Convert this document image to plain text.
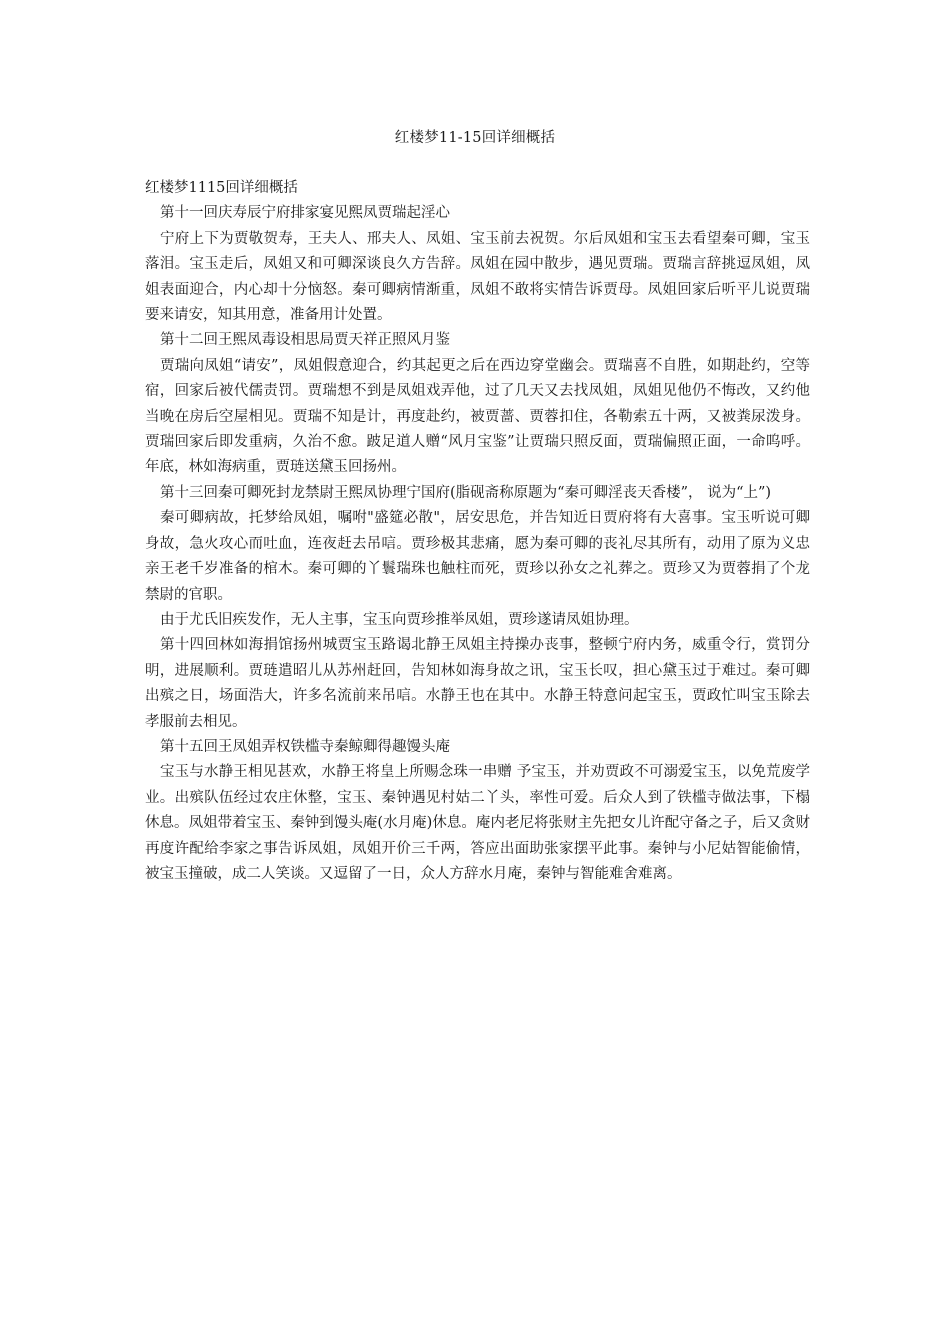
红楼梦11-15回详细概括

红楼梦1115回详细概括

第十一回庆寿辰宁府排家宴见熙凤贾瑞起淫心

宁府上下为贾敬贺寿，王夫人、邢夫人、凤姐、宝玉前去祝贺。尔后凤姐和宝玉去看望秦可卿，宝玉落泪。宝玉走后，凤姐又和可卿深谈良久方告辞。凤姐在园中散步，遇见贾瑞。贾瑞言辞挑逗凤姐，凤姐表面迎合，内心却十分恼怒。秦可卿病情渐重，凤姐不敢将实情告诉贾母。凤姐回家后听平儿说贾瑞要来请安，知其用意，准备用计处置。

第十二回王熙凤毒设相思局贾天祥正照风月鉴

贾瑞向凤姐“请安”，凤姐假意迎合，约其起更之后在西边穿堂幽会。贾瑞喜不自胜，如期赴约，空等 宿，回家后被代儒责罚。贾瑞想不到是凤姐戏弄他，过了几天又去找凤姐，凤姐见他仍不悔改，又约他当晚在房后空屋相见。贾瑞不知是计，再度赴约，被贾蔷、贾蓉扣住，各勒索五十两，又被粪尿泼身。贾瑞回家后即发重病，久治不愈。跛足道人赠“风月宝鉴”让贾瑞只照反面，贾瑞偏照正面，一命呜呼。年底，林如海病重，贾琏送黛玉回扬州。

第十三回秦可卿死封龙禁尉王熙凤协理宁国府(脂砚斋称原题为“秦可卿淫丧天香楼”， 说为“上”)

秦可卿病故，托梦给凤姐，嘱咐"盛筵必散"，居安思危，并告知近日贾府将有大喜事。宝玉听说可卿身故，急火攻心而吐血，连夜赶去吊唁。贾珍极其悲痛，愿为秦可卿的丧礼尽其所有，动用了原为义忠亲王老千岁准备的棺木。秦可卿的丫鬟瑞珠也触柱而死，贾珍以孙女之礼葬之。贾珍又为贾蓉捐了个龙禁尉的官职。

由于尤氏旧疾发作，无人主事，宝玉向贾珍推举凤姐，贾珍遂请凤姐协理。

第十四回林如海捐馆扬州城贾宝玉路谒北静王凤姐主持操办丧事，整顿宁府内务，威重令行，赏罚分明，进展顺利。贾琏遣昭儿从苏州赶回，告知林如海身故之讯，宝玉长叹，担心黛玉过于难过。秦可卿出殡之日，场面浩大，许多名流前来吊唁。水静王也在其中。水静王特意问起宝玉，贾政忙叫宝玉除去孝服前去相见。

第十五回王凤姐弄权铁槛寺秦鲸卿得趣馒头庵

宝玉与水静王相见甚欢，水静王将皇上所赐念珠一串赠 予宝玉，并劝贾政不可溺爱宝玉，以免荒废学业。出殡队伍经过农庄休整，宝玉、秦钟遇见村姑二丫头，率性可爱。后众人到了铁槛寺做法事，下榻休息。凤姐带着宝玉、秦钟到馒头庵(水月庵)休息。庵内老尼将张财主先把女儿许配守备之子，后又贪财再度许配给李家之事告诉凤姐，凤姐开价三千两，答应出面助张家摆平此事。秦钟与小尼姑智能偷情，被宝玉撞破，成二人笑谈。又逗留了一日，众人方辞水月庵，秦钟与智能难舍难离。
